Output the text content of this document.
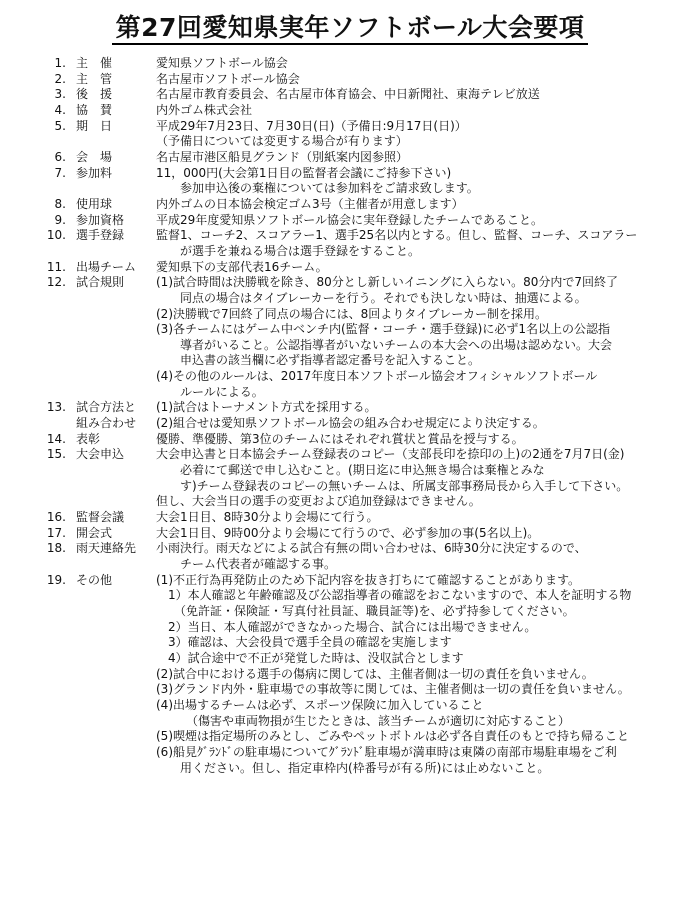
第27回愛知県実年ソフトボール大会要項
1. 主　催	愛知県ソフトボール協会
2. 主　管	名古屋市ソフトボール協会
3. 後　援	名古屋市教育委員会、名古屋市体育協会、中日新聞社、東海テレビ放送
4. 協　賛	内外ゴム株式会社
5. 期　日	平成29年7月23日、7月30日(日)（予備日:9月17日(日)）
（予備日については変更する場合が有ります）
6. 会　場	名古屋市港区船見グランド（別紙案内図参照）
7. 参加料	11，000円(大会第1日目の監督者会議にご持参下さい)
　　参加申込後の棄権については参加料をご請求致します。
8. 使用球	内外ゴムの日本協会検定ゴム3号（主催者が用意します）
9. 参加資格	平成29年度愛知県ソフトボール協会に実年登録したチームであること。
10. 選手登録	監督1、コーチ2、スコアラー1、選手25名以内とする。但し、監督、コーチ、スコアラー
　　が選手を兼ねる場合は選手登録をすること。
11. 出場チーム	愛知県下の支部代表16チーム。
12. 試合規則	(1)試合時間は決勝戦を除き、80分とし新しいイニングに入らない。80分内で7回終了
　　同点の場合はタイブレーカーを行う。それでも決しない時は、抽選による。
(2)決勝戦で7回終了同点の場合には、8回よりタイブレーカー制を採用。
(3)各チームにはゲーム中ベンチ内(監督・コーチ・選手登録)に必ず1名以上の公認指
　　導者がいること。公認指導者がいないチームの本大会への出場は認めない。大会
　　申込書の該当欄に必ず指導者認定番号を記入すること。
(4)その他のルールは、2017年度日本ソフトボール協会オフィシャルソフトボール
　　ルールによる。
13. 試合方法と	(1)試合はトーナメント方式を採用する。
組み合わせ	(2)組合せは愛知県ソフトボール協会の組み合わせ規定により決定する。
14. 表彰	優勝、準優勝、第3位のチームにはそれぞれ賞状と賞品を授与する。
15. 大会申込	大会申込書と日本協会チーム登録表のコピー（支部長印を捺印の上)の2通を7月7日(金)
　　必着にて郵送で申し込むこと。(期日迄に申込無き場合は棄権とみな
　　す)チーム登録表のコピーの無いチームは、所属支部事務局長から入手して下さい。
但し、大会当日の選手の変更および追加登録はできません。
16. 監督会議	大会1日目、8時30分より会場にて行う。
17. 開会式	大会1日目、9時00分より会場にて行うので、必ず参加の事(5名以上)。
18. 雨天連絡先	小雨決行。雨天などによる試合有無の問い合わせは、6時30分に決定するので、
　　チーム代表者が確認する事。
19. その他	(1)不正行為再発防止のため下記内容を抜き打ちにて確認することがあります。
　1）本人確認と年齢確認及び公認指導者の確認をおこないますので、本人を証明する物
　　（免許証・保険証・写真付社員証、職員証等)を、必ず持参してください。
　2）当日、本人確認ができなかった場合、試合には出場できません。
　3）確認は、大会役員で選手全員の確認を実施します
　4）試合途中で不正が発覚した時は、没収試合とします
(2)試合中における選手の傷病に関しては、主催者側は一切の責任を負いません。
(3)グランド内外・駐車場での事故等に関しては、主催者側は一切の責任を負いません。
(4)出場するチームは必ず、スポーツ保険に加入していること
　　　（傷害や車両物損が生じたときは、該当チームが適切に対応すること）
(5)喫煙は指定場所のみとし、ごみやペットボトルは必ず各自責任のもとで持ち帰ること
(6)船見ｸﾞﾗﾝﾄﾞの駐車場についてｸﾞﾗﾝﾄﾞ駐車場が満車時は東隣の南部市場駐車場をご利
　　用ください。但し、指定車枠内(枠番号が有る所)には止めないこと。
